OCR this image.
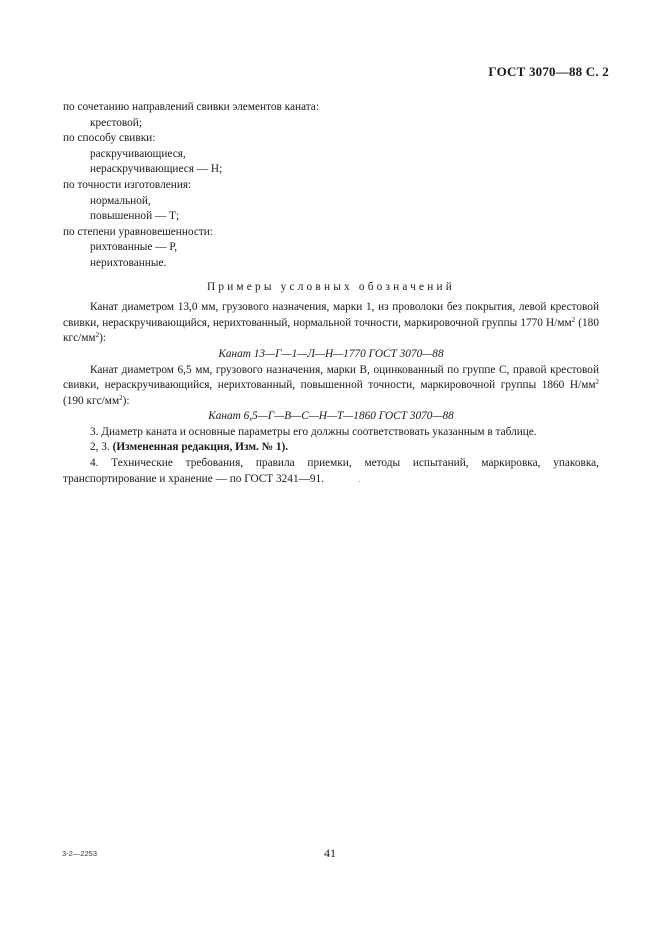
ГОСТ 3070—88 С. 2
по сочетанию направлений свивки элементов каната:
крестовой;
по способу свивки:
раскручивающиеся,
нераскручивающиеся — Н;
по точности изготовления:
нормальной,
повышенной — Т;
по степени уравновешенности:
рихтованные — Р,
нерихтованные.
Примеры условных обозначений
Канат диаметром 13,0 мм, грузового назначения, марки 1, из проволоки без покрытия, левой крестовой свивки, нераскручивающийся, нерихтованный, нормальной точности, маркировочной группы 1770 $Н/мм^2$ (180 кгс/$мм^2$):
Канат 13—Г—1—Л—Н—1770 ГОСТ 3070—88
Канат диаметром 6,5 мм, грузового назначения, марки В, оцинкованный по группе С, правой крестовой свивки, нераскручивающийся, нерихтованный, повышенной точности, маркировочной группы 1860 $Н/мм^2$ (190 кгс/$мм^2$):
Канат 6,5—Г—В—С—Н—Т—1860 ГОСТ 3070—88
3. Диаметр каната и основные параметры его должны соответствовать указанным в таблице.
2, 3. (Измененная редакция, Изм. № 1).
4. Технические требования, правила приемки, методы испытаний, маркировка, упаковка, транспортирование и хранение — по ГОСТ 3241—91.
3-2—2253	41
